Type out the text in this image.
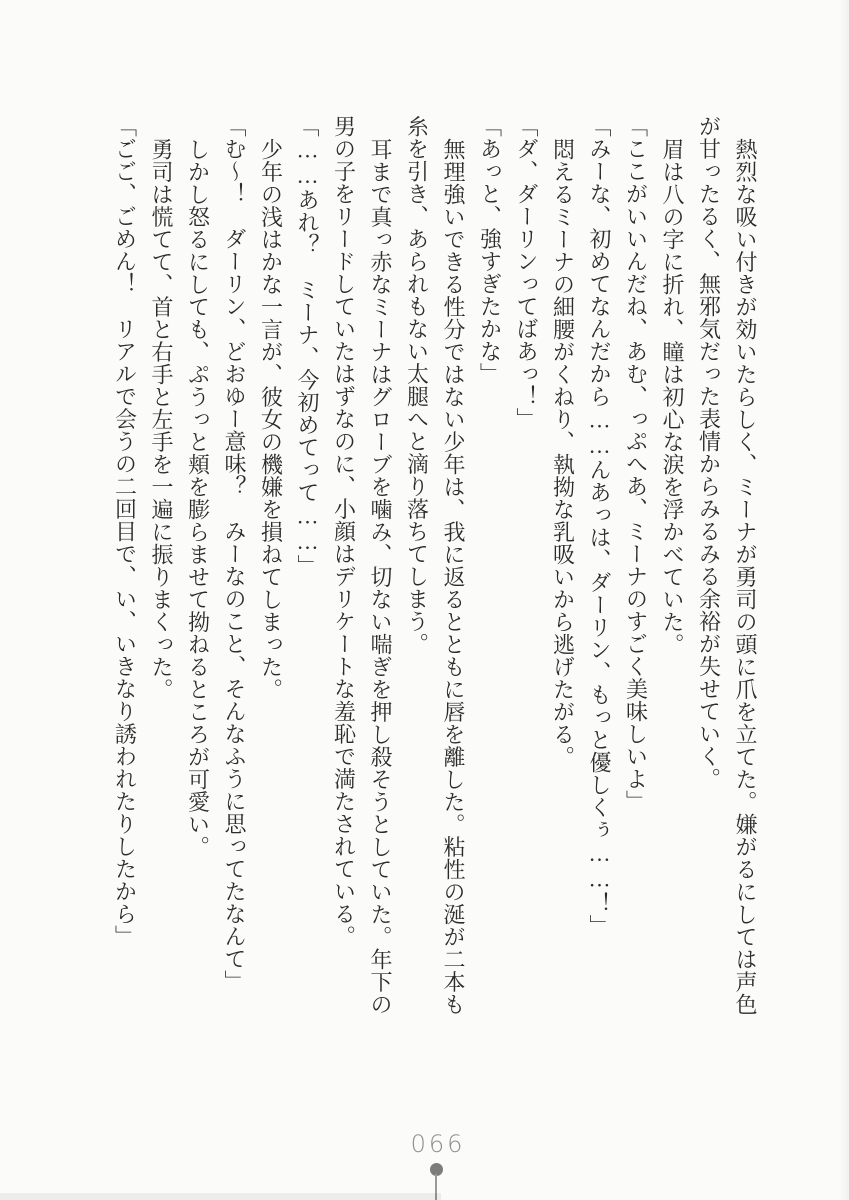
熱烈な吸い付きが効いたらしく、ミーナが勇司の頭に爪を立てた。嫌がるにしては声色が甘ったるく、無邪気だった表情からみるみる余裕が失せていく。

眉は八の字に折れ、瞳は初心な涙を浮かべていた。

「ここがいいんだね、あむ、っぷへあ、ミーナのすごく美味しいよ」

「みーな、初めてなんだから……んあっは、ダーリン、もっと優しくぅ……！」

悶えるミーナの細腰がくねり、執拗な乳吸いから逃げたがる。

「ダ、ダーリンってばあっ！」

「あっと、強すぎたかな」

無理強いできる性分ではない少年は、我に返るとともに唇を離した。粘性の涎が二本も糸を引き、あられもない太腿へと滴り落ちてしまう。

耳まで真っ赤なミーナはグローブを噛み、切ない喘ぎを押し殺そうとしていた。年下の男の子をリードしていたはずなのに、小顔はデリケートな羞恥で満たされている。

「……あれ？　ミーナ、今初めてって……」

少年の浅はかな一言が、彼女の機嫌を損ねてしまった。

「む〜！　ダーリン、どおゆー意味？　みーなのこと、そんなふうに思ってたなんて」

しかし怒るにしても、ぷうっと頬を膨らませて拗ねるところが可愛い。

勇司は慌てて、首と右手と左手を一遍に振りまくった。

「ごご、ごめん！　リアルで会うの二回目で、い、いきなり誘われたりしたから」

066
